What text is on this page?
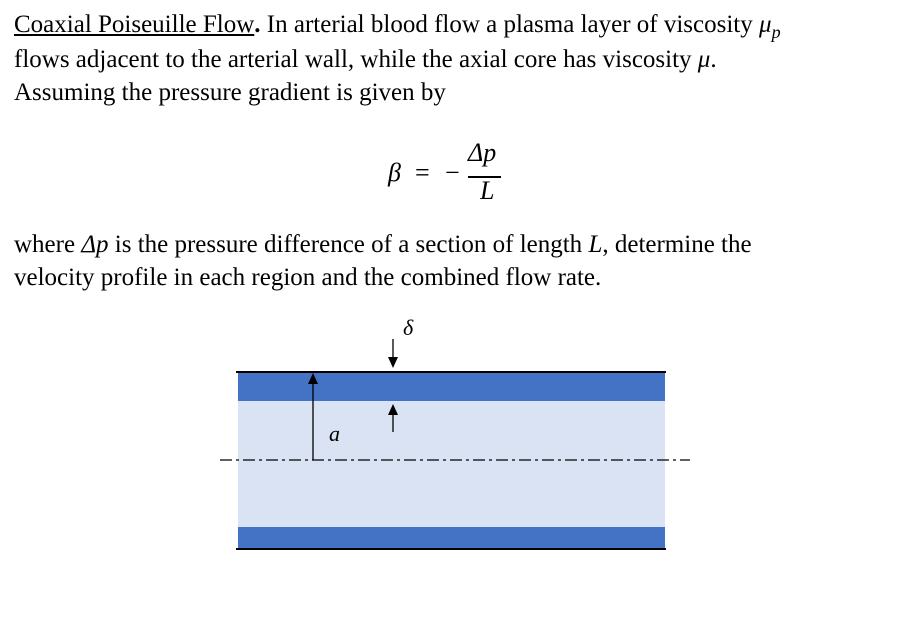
Coaxial Poiseuille Flow. In arterial blood flow a plasma layer of viscosity $\mu_p$
flows adjacent to the arterial wall, while the axial core has viscosity μ.
Assuming the pressure gradient is given by

β = −
Δp
L

where Δp is the pressure difference of a section of length L, determine the
velocity profile in each region and the combined flow rate.

a
δ
